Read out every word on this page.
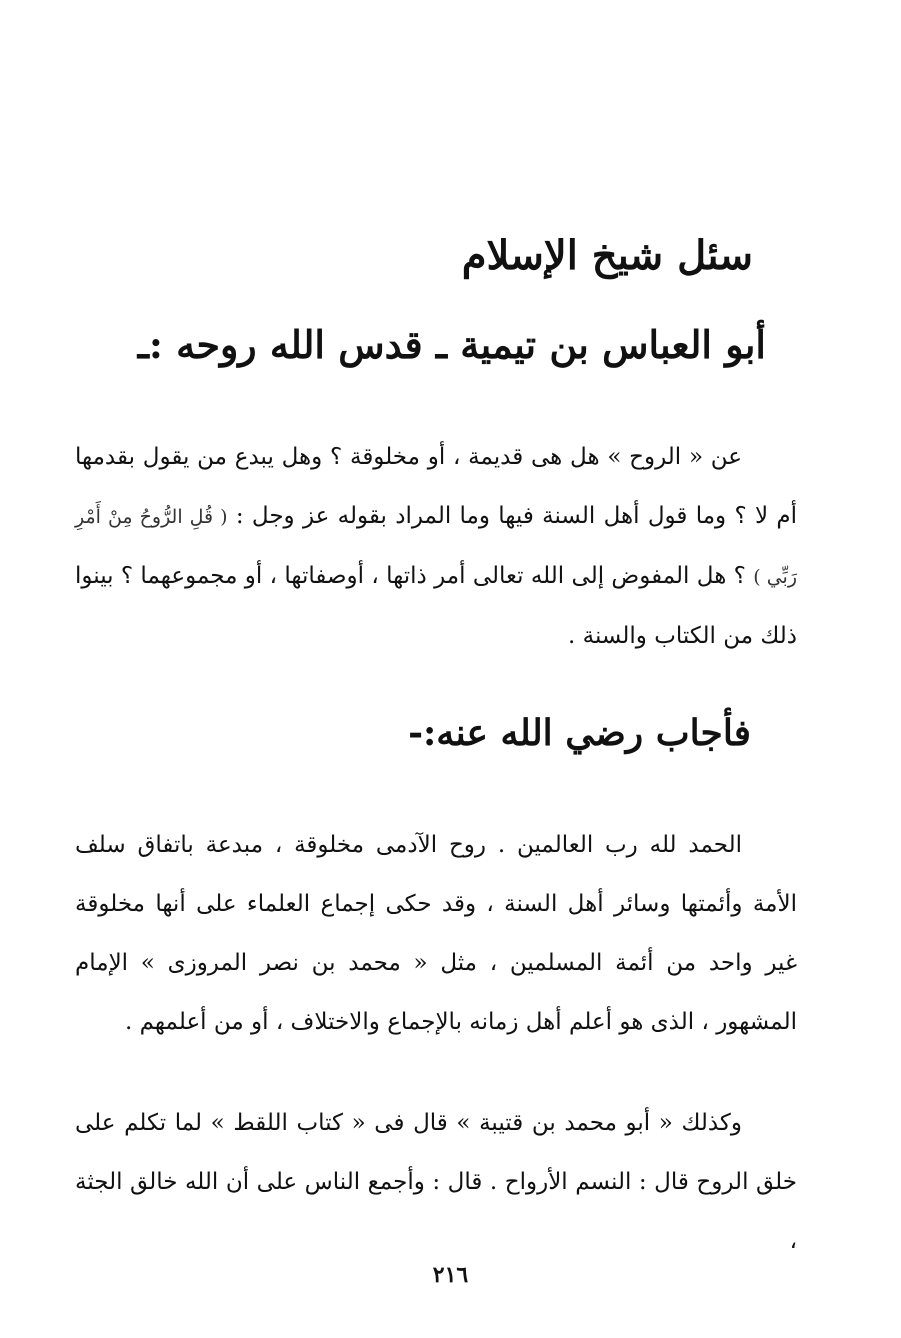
سئل شيخ الإسلام
أبو العباس بن تيمية ـ قدس الله روحه :ـ
عن « الروح » هل هى قديمة ، أو مخلوقة ؟ وهل يبدع من يقول بقدمها أم لا ؟ وما قول أهل السنة فيها وما المراد بقوله عز وجل : ( قُلِ الرُّوحُ مِنْ أَمْرِ رَبِّي ) ؟ هل المفوض إلى الله تعالى أمر ذاتها ، أوصفاتها ، أو مجموعهما ؟ بينوا ذلك من الكتاب والسنة .
فأجاب رضي الله عنه:-
الحمد لله رب العالمين . روح الآدمى مخلوقة ، مبدعة باتفاق سلف الأمة وأئمتها وسائر أهل السنة ، وقد حكى إجماع العلماء على أنها مخلوقة غير واحد من أئمة المسلمين ، مثل « محمد بن نصر المروزى » الإمام المشهور ، الذى هو أعلم أهل زمانه بالإجماع والاختلاف ، أو من أعلمهم .
وكذلك « أبو محمد بن قتيبة » قال فى « كتاب اللقط » لما تكلم على خلق الروح قال : النسم الأرواح . قال : وأجمع الناس على أن الله خالق الجثة ،
٢١٦
